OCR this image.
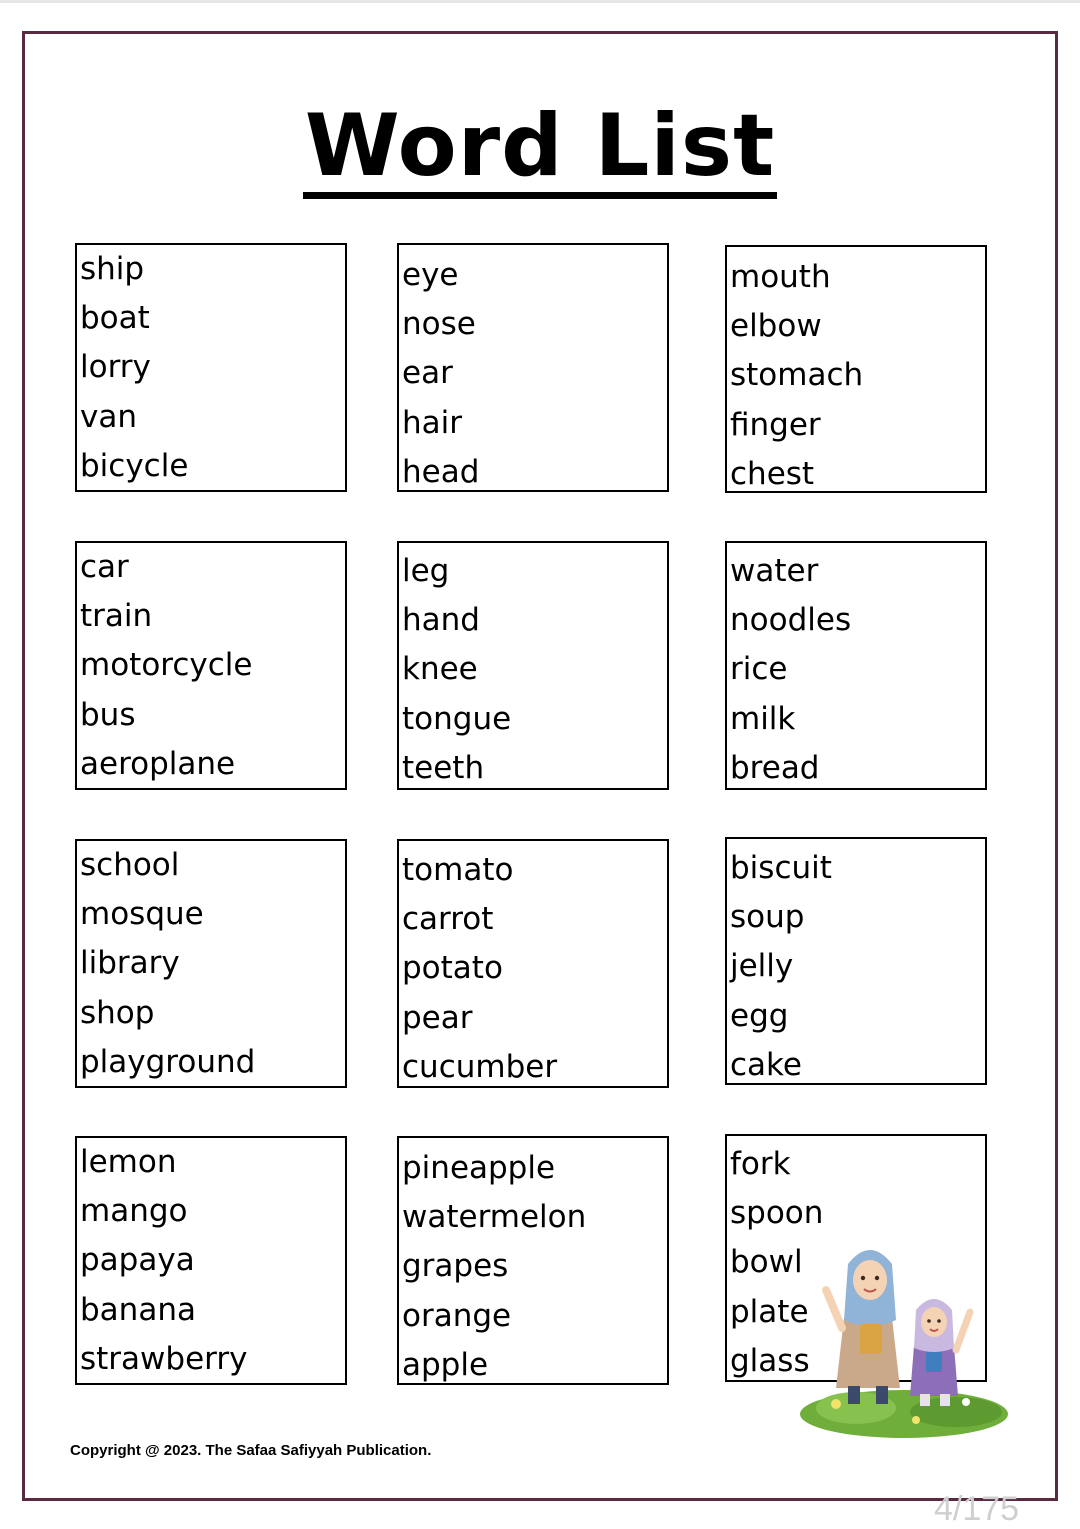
Word List
ship
boat
lorry
van
bicycle
eye
nose
ear
hair
head
mouth
elbow
stomach
finger
chest
car
train
motorcycle
bus
aeroplane
leg
hand
knee
tongue
teeth
water
noodles
rice
milk
bread
school
mosque
library
shop
playground
tomato
carrot
potato
pear
cucumber
biscuit
soup
jelly
egg
cake
lemon
mango
papaya
banana
strawberry
pineapple
watermelon
grapes
orange
apple
fork
spoon
bowl
plate
glass
Copyright @ 2023. The Safaa Safiyyah Publication.
4/175
